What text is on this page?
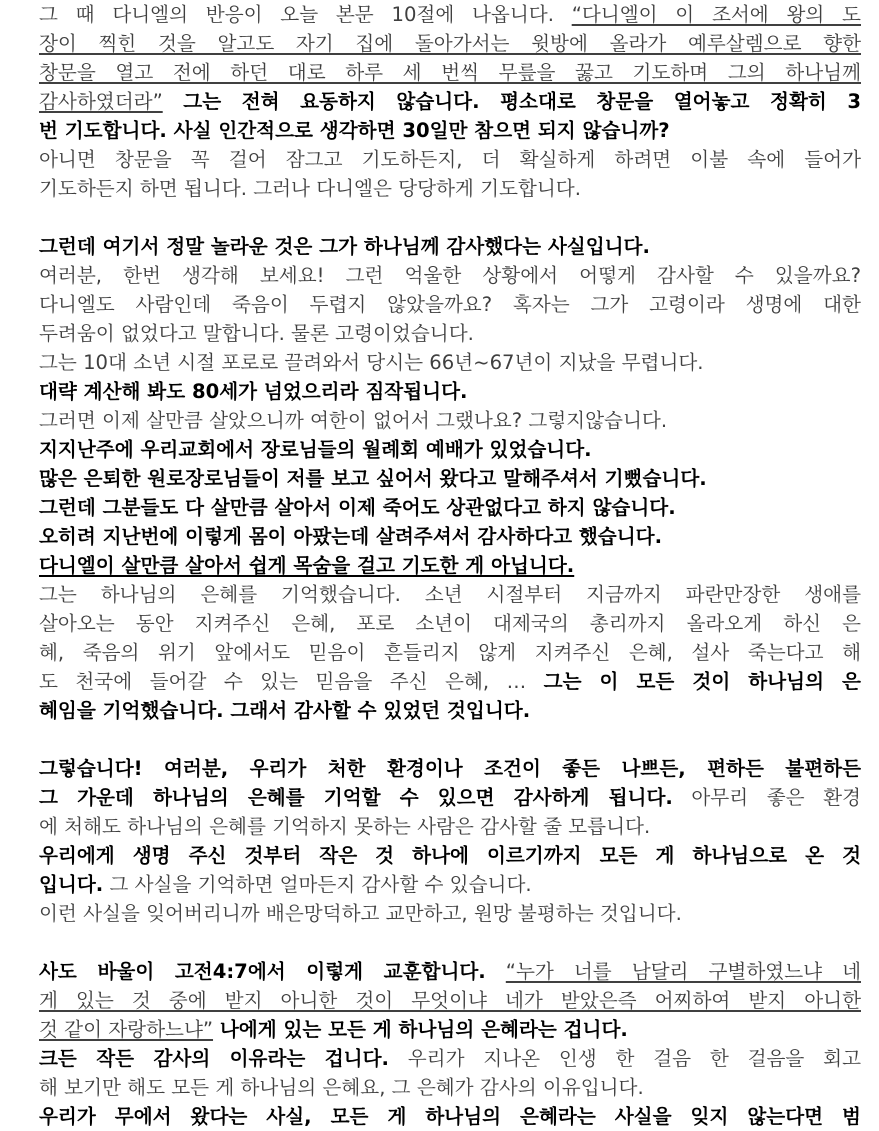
그 때 다니엘의 반응이 오늘 본문 10절에 나옵니다. “다니엘이 이 조서에 왕의 도
장이 찍힌 것을 알고도 자기 집에 돌아가서는 윗방에 올라가 예루살렘으로 향한
창문을 열고 전에 하던 대로 하루 세 번씩 무릎을 꿇고 기도하며 그의 하나님께
감사하였더라” 그는 전혀 요동하지 않습니다. 평소대로 창문을 열어놓고 정확히 3
번 기도합니다. 사실 인간적으로 생각하면 30일만 참으면 되지 않습니까?
아니면 창문을 꼭 걸어 잠그고 기도하든지, 더 확실하게 하려면 이불 속에 들어가
기도하든지 하면 됩니다. 그러나 다니엘은 당당하게 기도합니다.
그런데 여기서 정말 놀라운 것은 그가 하나님께 감사했다는 사실입니다.
여러분, 한번 생각해 보세요! 그런 억울한 상황에서 어떻게 감사할 수 있을까요?
다니엘도 사람인데 죽음이 두렵지 않았을까요? 혹자는 그가 고령이라 생명에 대한
두려움이 없었다고 말합니다. 물론 고령이었습니다.
그는 10대 소년 시절 포로로 끌려와서 당시는 66년~67년이 지났을 무렵니다.
대략 계산해 봐도 80세가 넘었으리라 짐작됩니다.
그러면 이제 살만큼 살았으니까 여한이 없어서 그랬나요? 그렇지않습니다.
지지난주에 우리교회에서 장로님들의 월례회 예배가 있었습니다.
많은 은퇴한 원로장로님들이 저를 보고 싶어서 왔다고 말해주셔서 기뻤습니다.
그런데 그분들도 다 살만큼 살아서 이제 죽어도 상관없다고 하지 않습니다.
오히려 지난번에 이렇게 몸이 아팠는데 살려주셔서 감사하다고 했습니다.
다니엘이 살만큼 살아서 쉽게 목숨을 걸고 기도한 게 아닙니다.
그는 하나님의 은혜를 기억했습니다. 소년 시절부터 지금까지 파란만장한 생애를
살아오는 동안 지켜주신 은혜, 포로 소년이 대제국의 총리까지 올라오게 하신 은
혜, 죽음의 위기 앞에서도 믿음이 흔들리지 않게 지켜주신 은혜, 설사 죽는다고 해
도 천국에 들어갈 수 있는 믿음을 주신 은혜, … 그는 이 모든 것이 하나님의 은
혜임을 기억했습니다. 그래서 감사할 수 있었던 것입니다.
그렇습니다! 여러분, 우리가 처한 환경이나 조건이 좋든 나쁘든, 편하든 불편하든
그 가운데 하나님의 은혜를 기억할 수 있으면 감사하게 됩니다. 아무리 좋은 환경
에 처해도 하나님의 은혜를 기억하지 못하는 사람은 감사할 줄 모릅니다.
우리에게 생명 주신 것부터 작은 것 하나에 이르기까지 모든 게 하나님으로 온 것
입니다. 그 사실을 기억하면 얼마든지 감사할 수 있습니다.
이런 사실을 잊어버리니까 배은망덕하고 교만하고, 원망 불평하는 것입니다.
사도 바울이 고전4:7에서 이렇게 교훈합니다. “누가 너를 남달리 구별하였느냐 네
게 있는 것 중에 받지 아니한 것이 무엇이냐 네가 받았은즉 어찌하여 받지 아니한
것 같이 자랑하느냐” 나에게 있는 모든 게 하나님의 은혜라는 겁니다.
크든 작든 감사의 이유라는 겁니다. 우리가 지나온 인생 한 걸음 한 걸음을 회고
해 보기만 해도 모든 게 하나님의 은혜요, 그 은혜가 감사의 이유입니다.
우리가 무에서 왔다는 사실, 모든 게 하나님의 은혜라는 사실을 잊지 않는다면 범
